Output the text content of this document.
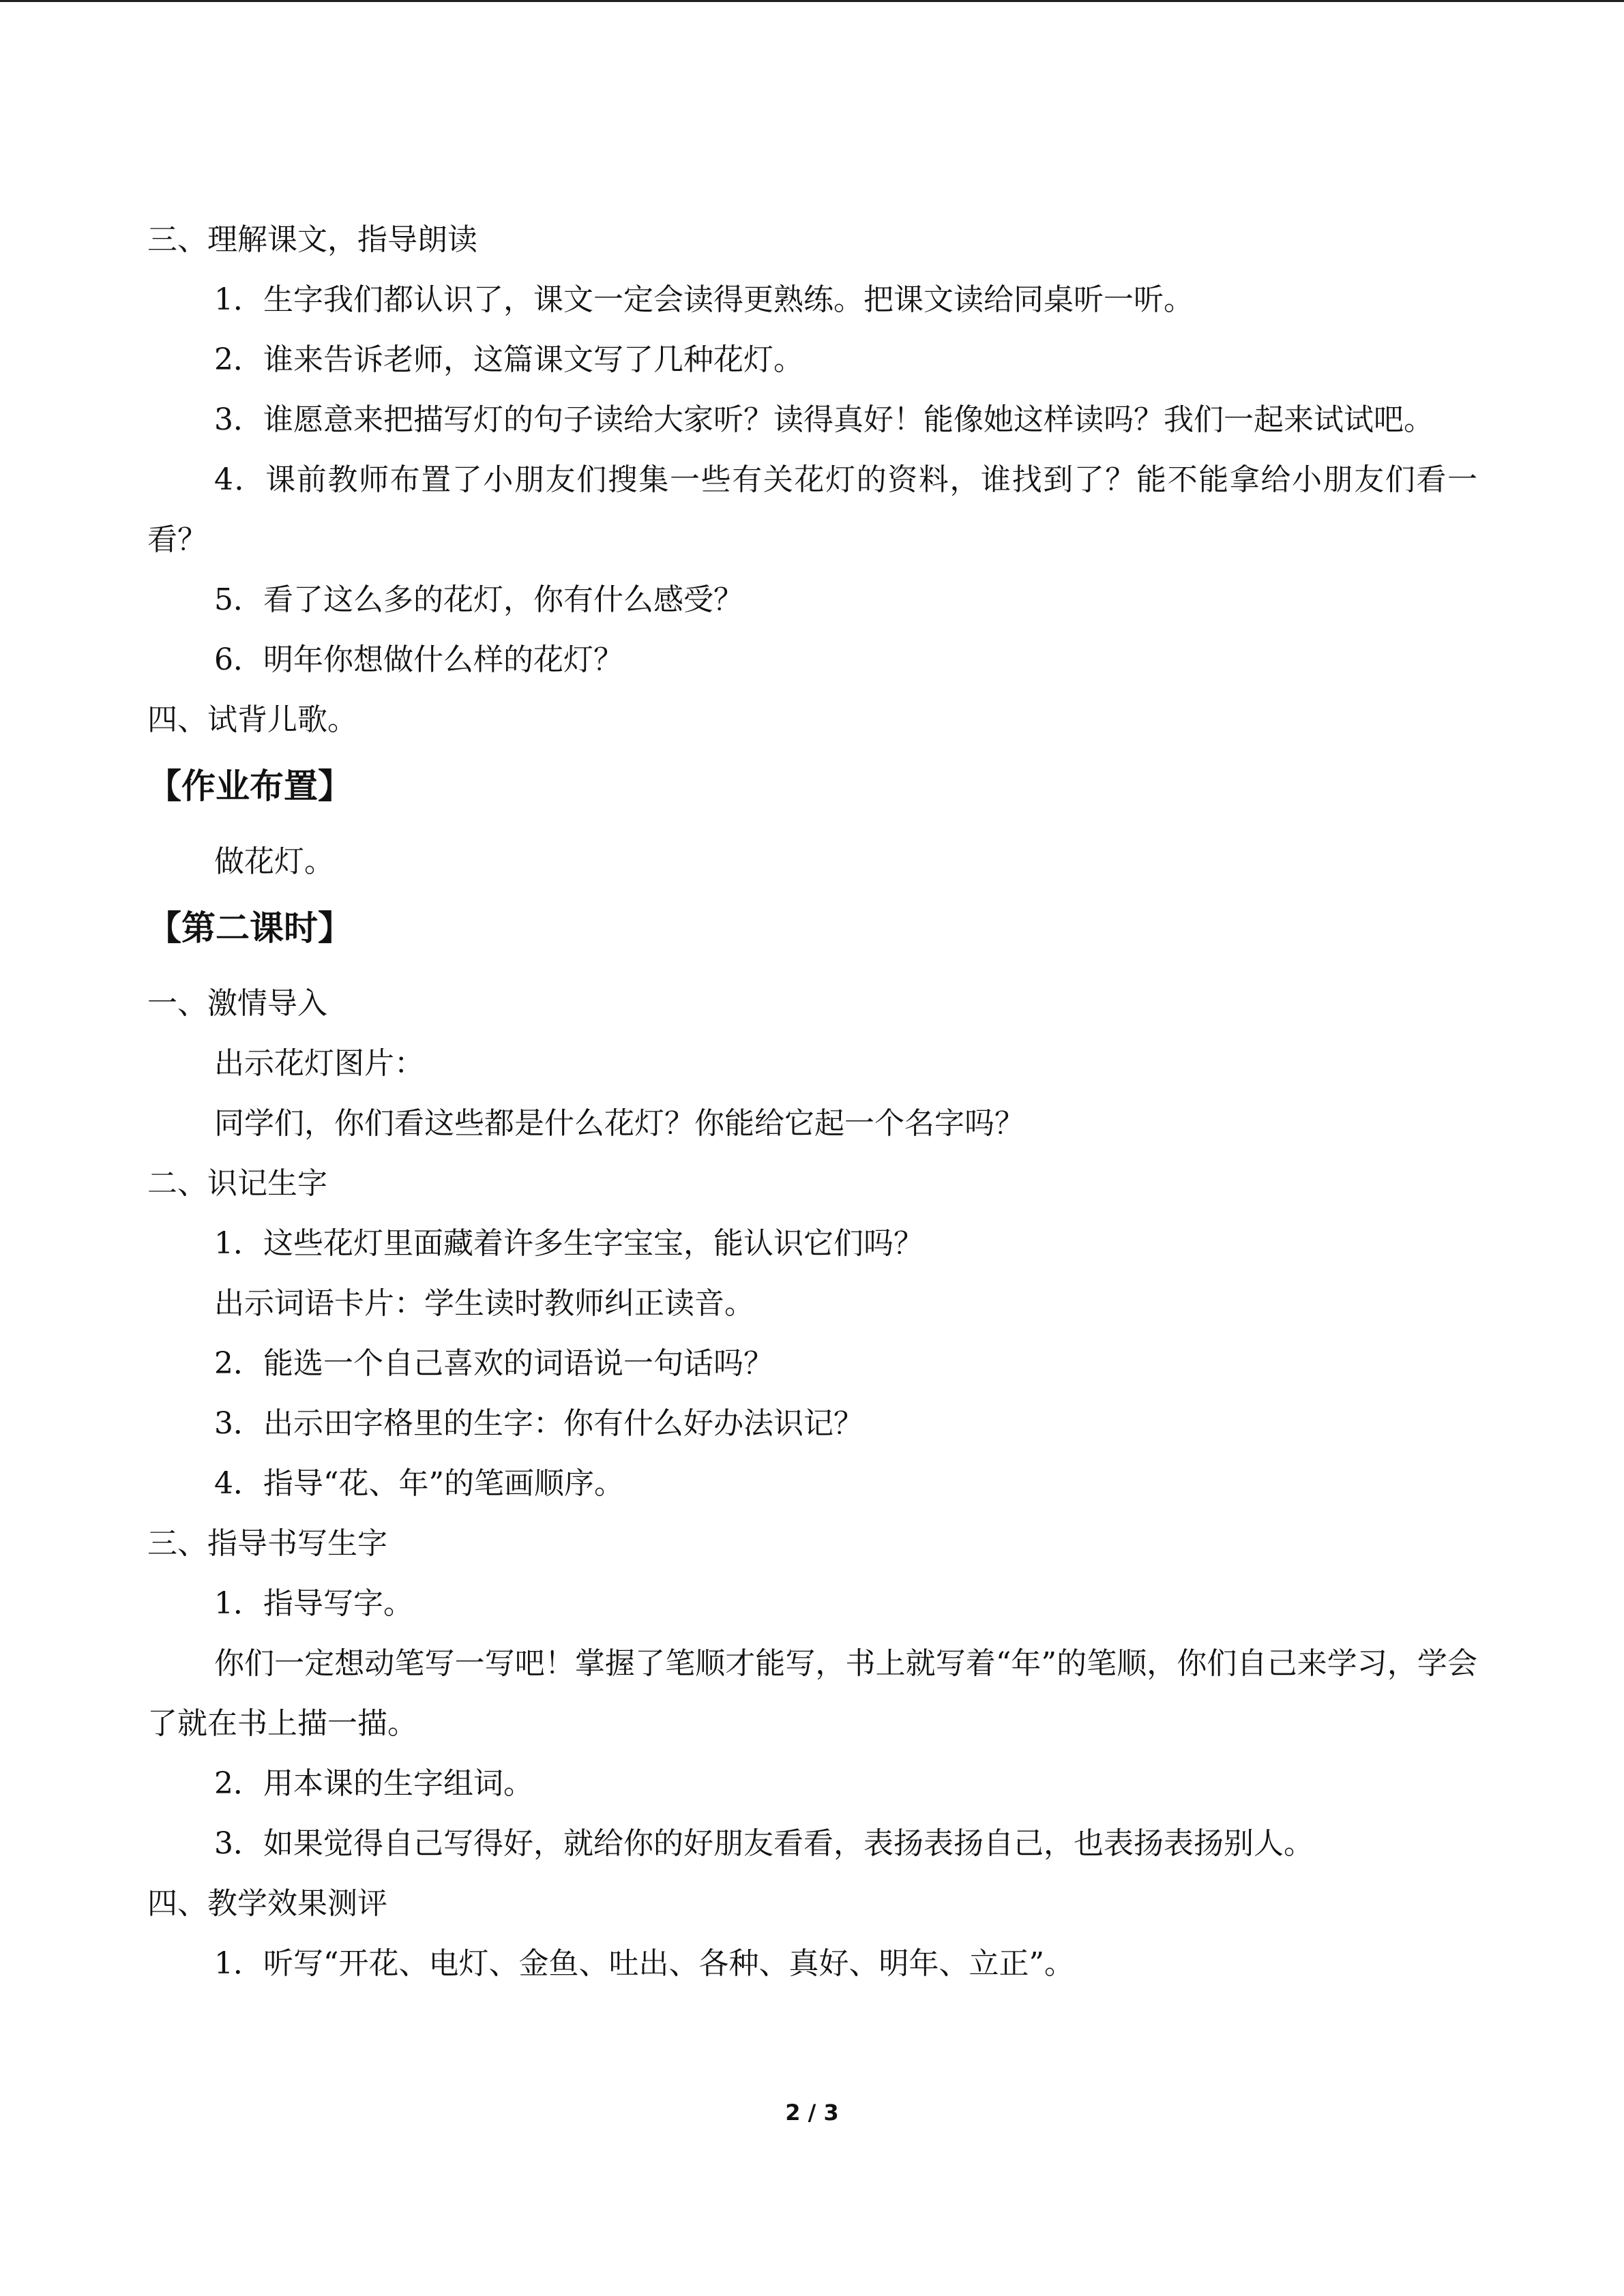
三、理解课文，指导朗读

1．生字我们都认识了，课文一定会读得更熟练。把课文读给同桌听一听。

2．谁来告诉老师，这篇课文写了几种花灯。

3．谁愿意来把描写灯的句子读给大家听？读得真好！能像她这样读吗？我们一起来试试吧。

4．课前教师布置了小朋友们搜集一些有关花灯的资料，谁找到了？能不能拿给小朋友们看一看？

5．看了这么多的花灯，你有什么感受？

6．明年你想做什么样的花灯？

四、试背儿歌。

【作业布置】

做花灯。

【第二课时】

一、激情导入

出示花灯图片：

同学们，你们看这些都是什么花灯？你能给它起一个名字吗？

二、识记生字

1．这些花灯里面藏着许多生字宝宝，能认识它们吗？

出示词语卡片：学生读时教师纠正读音。

2．能选一个自己喜欢的词语说一句话吗？

3．出示田字格里的生字：你有什么好办法识记？

4．指导“花、年”的笔画顺序。

三、指导书写生字

1．指导写字。

你们一定想动笔写一写吧！掌握了笔顺才能写，书上就写着“年”的笔顺，你们自己来学习，学会了就在书上描一描。

2．用本课的生字组词。

3．如果觉得自己写得好，就给你的好朋友看看，表扬表扬自己，也表扬表扬别人。

四、教学效果测评

1．听写“开花、电灯、金鱼、吐出、各种、真好、明年、立正”。

2 / 3
